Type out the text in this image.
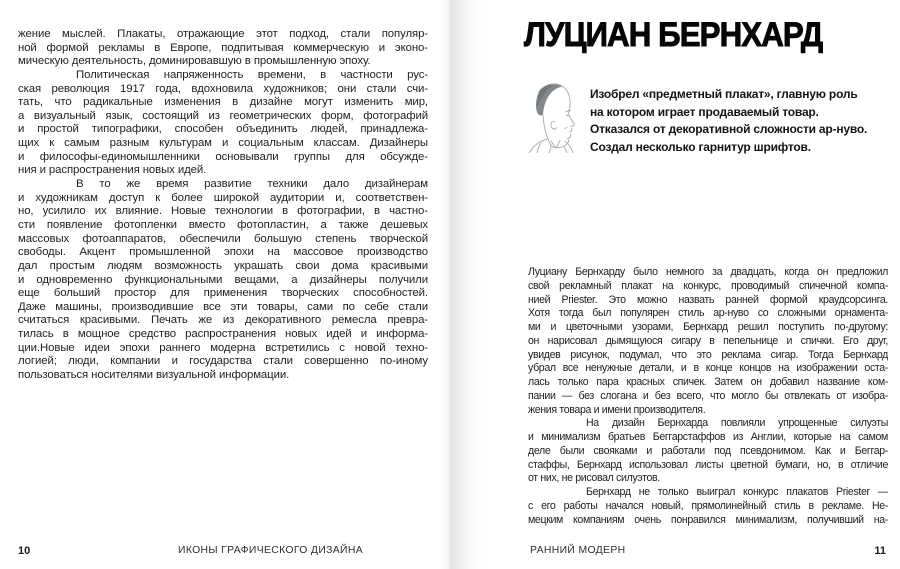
жение мыслей. Плакаты, отражающие этот подход, стали популяр-
ной формой рекламы в Европе, подпитывая коммерческую и эконо-
мическую деятельность, доминировавшую в промышленную эпоху.
Политическая напряженность времени, в частности рус-
ская революция 1917 года, вдохновила художников; они стали счи-
тать, что радикальные изменения в дизайне могут изменить мир,
а визуальный язык, состоящий из геометрических форм, фотографий
и простой типографики, способен объединить людей, принадлежа-
щих к самым разным культурам и социальным классам. Дизайнеры
и философы-единомышленники основывали группы для обсужде-
ния и распространения новых идей.
В то же время развитие техники дало дизайнерам
и художникам доступ к более широкой аудитории и, соответствен-
но, усилило их влияние. Новые технологии в фотографии, в частно-
сти появление фотопленки вместо фотопластин, а также дешевых
массовых фотоаппаратов, обеспечили большую степень творческой
свободы. Акцент промышленной эпохи на массовое производство
дал простым людям возможность украшать свои дома красивыми
и одновременно функциональными вещами, а дизайнеры получили
еще больший простор для применения творческих способностей.
Даже машины, производившие все эти товары, сами по себе стали
считаться красивыми. Печать же из декоративного ремесла превра-
тилась в мощное средство распространения новых идей и информа-
ции.Новые идеи эпохи раннего модерна встретились с новой техно-
логией; люди, компании и государства стали совершенно по-иному
пользоваться носителями визуальной информации.
10	ИКОНЫ ГРАФИЧЕСКОГО ДИЗАЙНА
ЛУЦИАН БЕРНХАРД
Изобрел «предметный плакат», главную роль
на котором играет продаваемый товар.
Отказался от декоративной сложности ар-нуво.
Создал несколько гарнитур шрифтов.
Луциану Бернхарду было немного за двадцать, когда он предложил
свой рекламный плакат на конкурс, проводимый спичечной компа-
нией Priester. Это можно назвать ранней формой краудсорсинга.
Хотя тогда был популярен стиль ар-нуво со сложными орнамента-
ми и цветочными узорами, Бернхард решил поступить по-другому:
он нарисовал дымящуюся сигару в пепельнице и спички. Его друг,
увидев рисунок, подумал, что это реклама сигар. Тогда Бернхард
убрал все ненужные детали, и в конце концов на изображении оста-
лась только пара красных спичек. Затем он добавил название ком-
пании — без слогана и без всего, что могло бы отвлекать от изобра-
жения товара и имени производителя.
На дизайн Бернхарда повлияли упрощенные силуэты
и минимализм братьев Беггарстаффов из Англии, которые на самом
деле были свояками и работали под псевдонимом. Как и Беггар-
стаффы, Бернхард использовал листы цветной бумаги, но, в отличие
от них, не рисовал силуэтов.
Бернхард не только выиграл конкурс плакатов Priester —
с его работы начался новый, прямолинейный стиль в рекламе. Не-
мецким компаниям очень понравился минимализм, получивший на-
РАННИЙ МОДЕРН	11
